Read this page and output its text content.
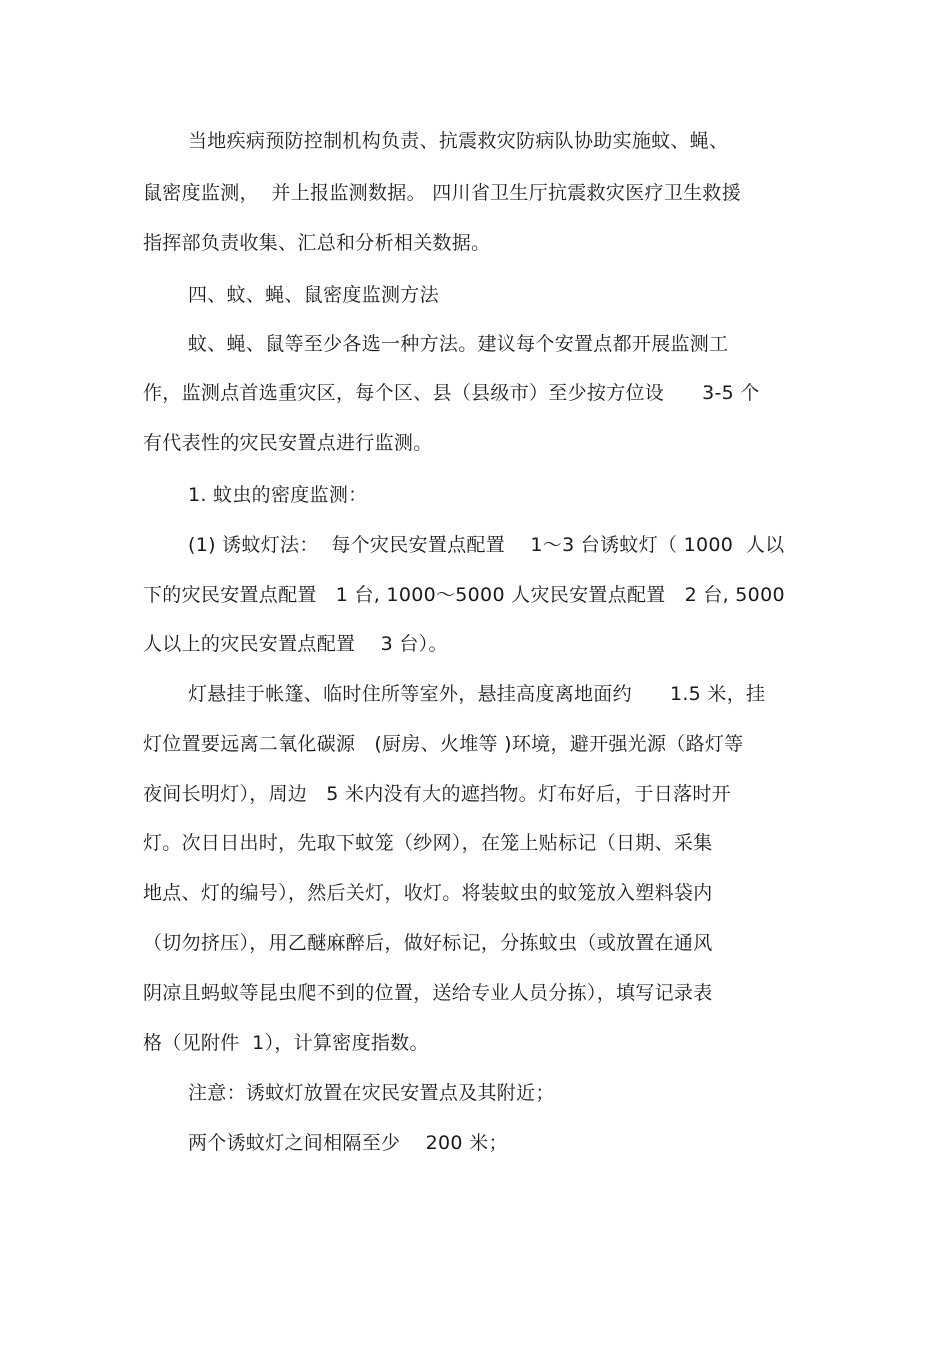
当地疾病预防控制机构负责、抗震救灾防病队协助实施蚊、蝇、
鼠密度监测，  并上报监测数据。 四川省卫生厅抗震救灾医疗卫生救援
指挥部负责收集、汇总和分析相关数据。
四、蚊、蝇、鼠密度监测方法
蚊、蝇、鼠等至少各选一种方法。建议每个安置点都开展监测工
作，监测点首选重灾区，每个区、县（县级市）至少按方位设      3-5 个
有代表性的灾民安置点进行监测。
1. 蚊虫的密度监测：
(1) 诱蚊灯法：  每个灾民安置点配置    1～3 台诱蚊灯（ 1000  人以
下的灾民安置点配置   1 台, 1000～5000 人灾民安置点配置   2 台, 5000
人以上的灾民安置点配置    3 台）。
灯悬挂于帐篷、临时住所等室外，悬挂高度离地面约      1.5 米，挂
灯位置要远离二氧化碳源   (厨房、火堆等 )环境，避开强光源（路灯等
夜间长明灯），周边   5 米内没有大的遮挡物。灯布好后，于日落时开
灯。次日日出时，先取下蚊笼（纱网），在笼上贴标记（日期、采集
地点、灯的编号），然后关灯，收灯。将装蚊虫的蚊笼放入塑料袋内
（切勿挤压），用乙醚麻醉后，做好标记，分拣蚊虫（或放置在通风
阴凉且蚂蚁等昆虫爬不到的位置，送给专业人员分拣），填写记录表
格（见附件  1），计算密度指数。
注意：诱蚊灯放置在灾民安置点及其附近；
两个诱蚊灯之间相隔至少    200 米；
